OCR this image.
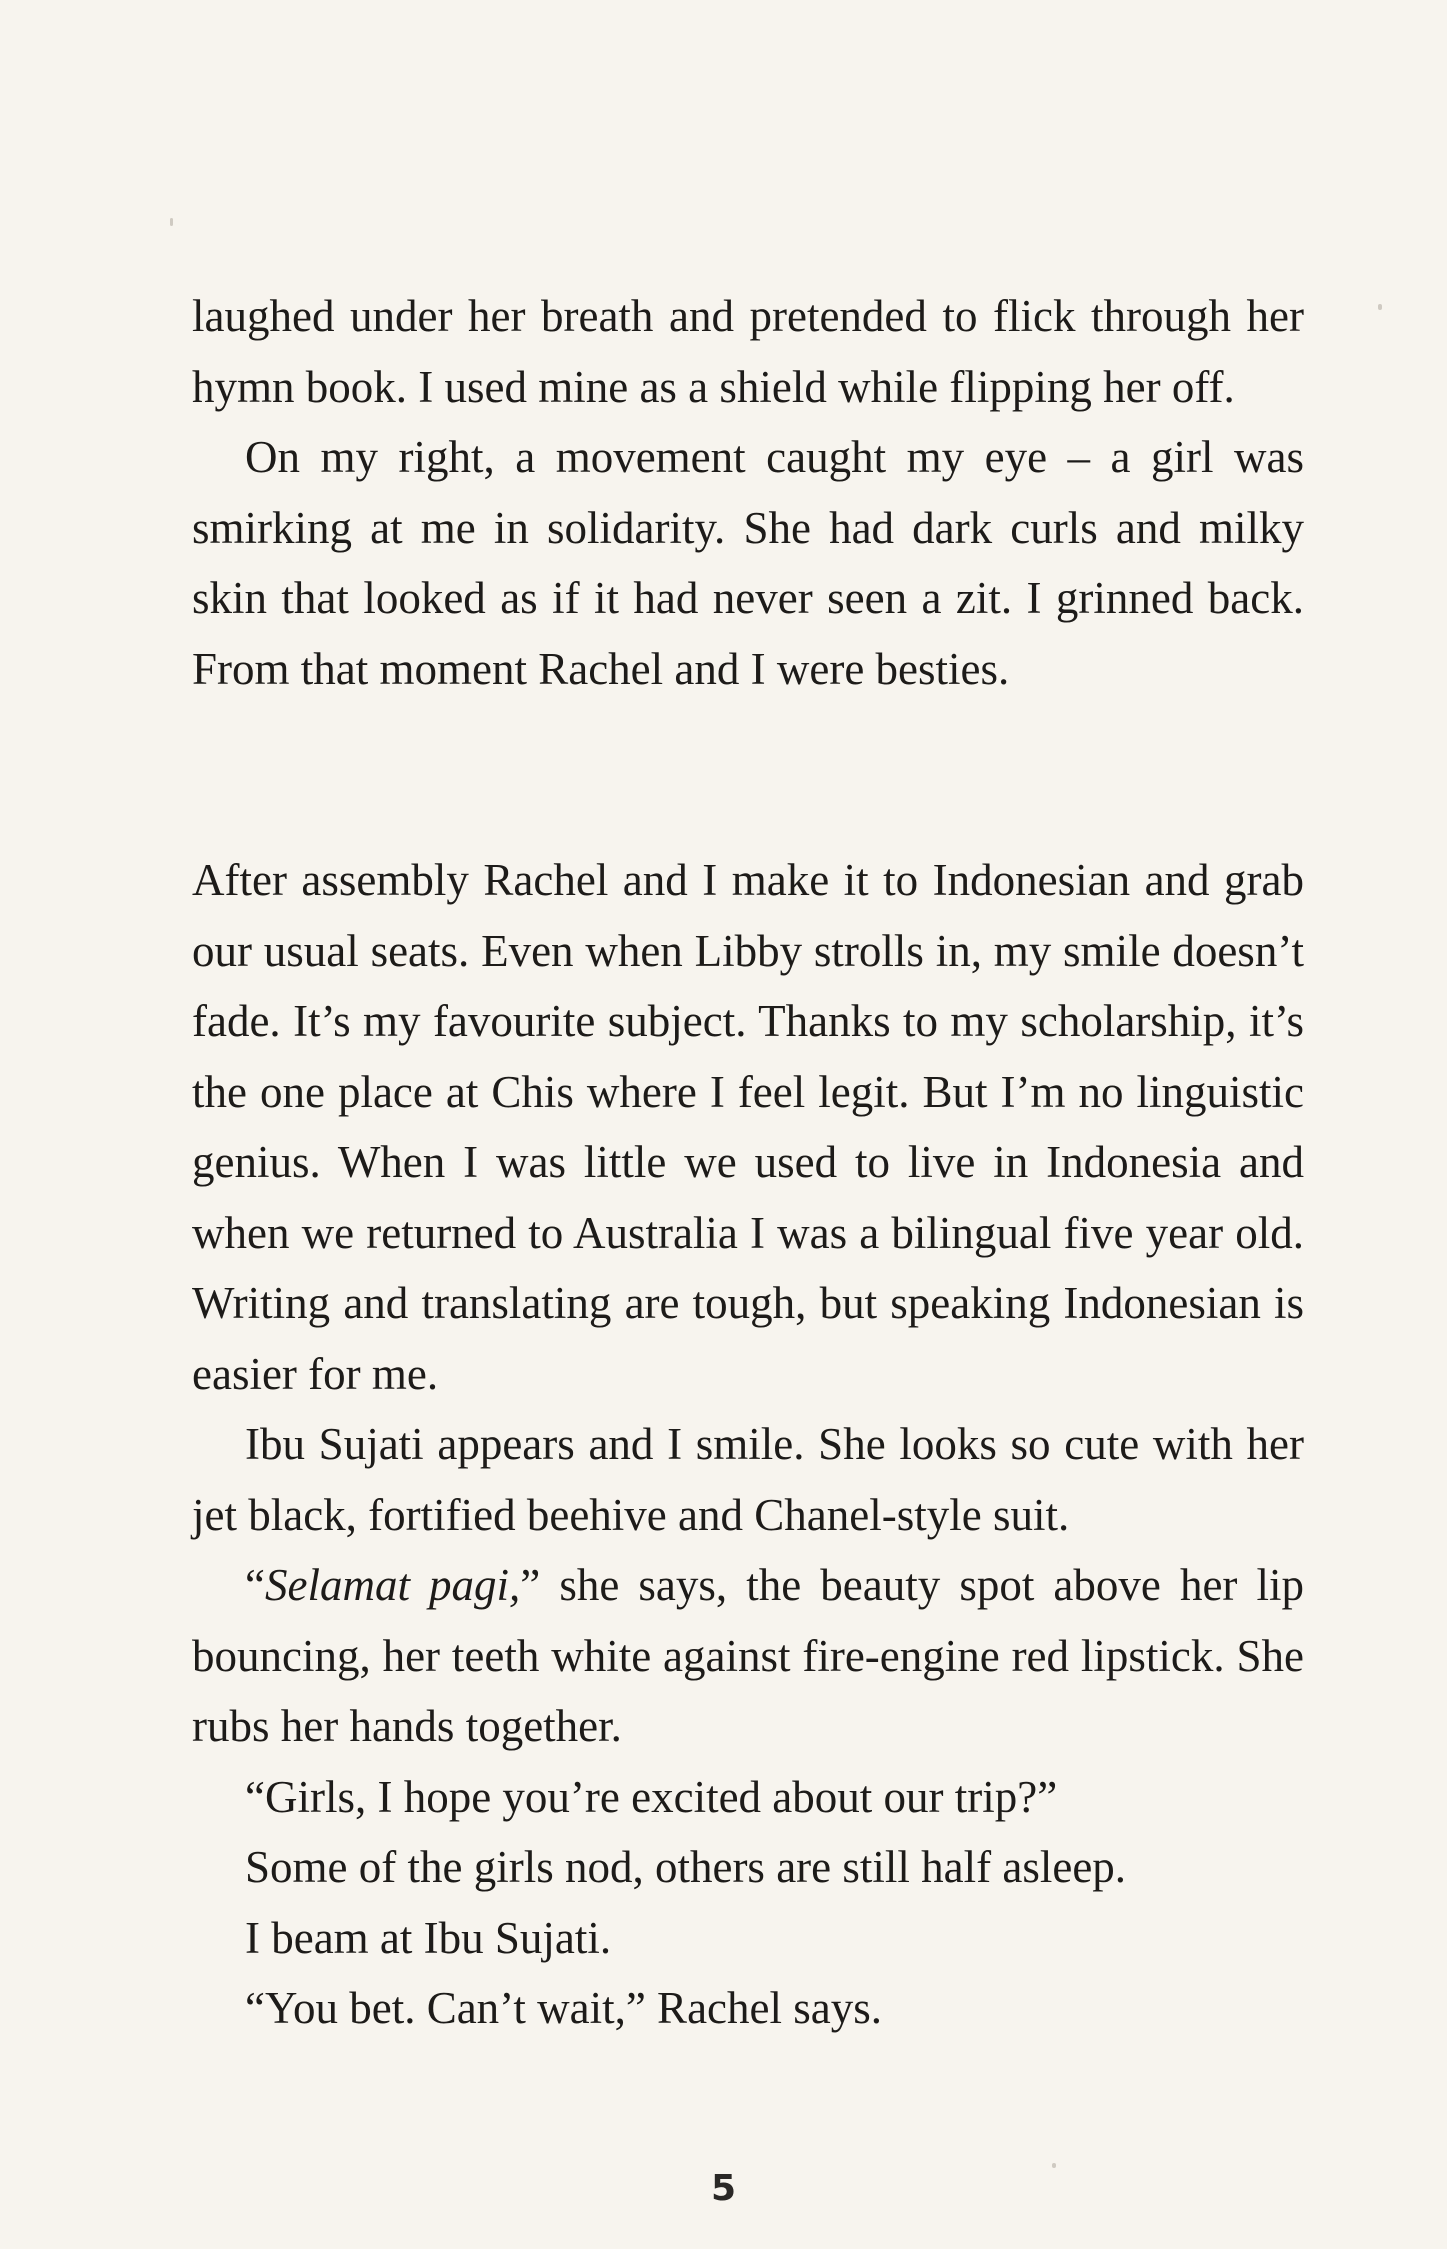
laughed under her breath and pretended to flick through her hymn book. I used mine as a shield while flipping her off.

On my right, a movement caught my eye – a girl was smirking at me in solidarity. She had dark curls and milky skin that looked as if it had never seen a zit. I grinned back. From that moment Rachel and I were besties.

After assembly Rachel and I make it to Indonesian and grab our usual seats. Even when Libby strolls in, my smile doesn’t fade. It’s my favourite subject. Thanks to my scholarship, it’s the one place at Chis where I feel legit. But I’m no linguistic genius. When I was little we used to live in Indonesia and when we returned to Australia I was a bilingual five year old. Writing and translating are tough, but speaking Indonesian is easier for me.

Ibu Sujati appears and I smile. She looks so cute with her jet black, fortified beehive and Chanel-style suit.

“Selamat pagi,” she says, the beauty spot above her lip bouncing, her teeth white against fire-engine red lipstick. She rubs her hands together.

“Girls, I hope you’re excited about our trip?”

Some of the girls nod, others are still half asleep.

I beam at Ibu Sujati.

“You bet. Can’t wait,” Rachel says.

5
